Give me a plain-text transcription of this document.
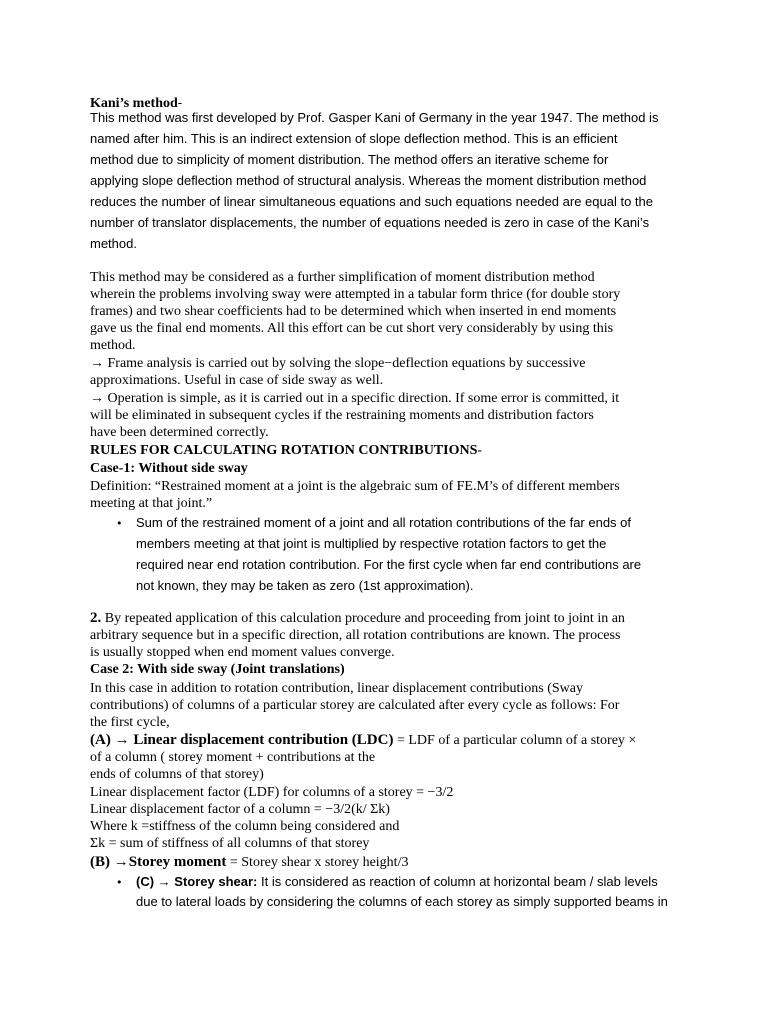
Kani’s method-
This method was first developed by Prof. Gasper Kani of Germany in the year 1947. The method is
named after him. This is an indirect extension of slope deflection method. This is an efficient
method due to simplicity of moment distribution. The method offers an iterative scheme for
applying slope deflection method of structural analysis. Whereas the moment distribution method
reduces the number of linear simultaneous equations and such equations needed are equal to the
number of translator displacements, the number of equations needed is zero in case of the Kani’s
method.
This method may be considered as a further simplification of moment distribution method
wherein the problems involving sway were attempted in a tabular form thrice (for double story
frames) and two shear coefficients had to be determined which when inserted in end moments
gave us the final end moments. All this effort can be cut short very considerably by using this
method.
→ Frame analysis is carried out by solving the slope−deflection equations by successive
approximations. Useful in case of side sway as well.
→ Operation is simple, as it is carried out in a specific direction. If some error is committed, it
will be eliminated in subsequent cycles if the restraining moments and distribution factors
have been determined correctly.
RULES FOR CALCULATING ROTATION CONTRIBUTIONS-
Case-1: Without side sway
Definition: “Restrained moment at a joint is the algebraic sum of FE.M’s of different members
meeting at that joint.”
• Sum of the restrained moment of a joint and all rotation contributions of the far ends of
members meeting at that joint is multiplied by respective rotation factors to get the
required near end rotation contribution. For the first cycle when far end contributions are
not known, they may be taken as zero (1st approximation).
2. By repeated application of this calculation procedure and proceeding from joint to joint in an
arbitrary sequence but in a specific direction, all rotation contributions are known. The process
is usually stopped when end moment values converge.
Case 2: With side sway (Joint translations)
In this case in addition to rotation contribution, linear displacement contributions (Sway
contributions) of columns of a particular storey are calculated after every cycle as follows: For
the first cycle,
(A) → Linear displacement contribution (LDC) = LDF of a particular column of a storey ×
of a column ( storey moment + contributions at the
ends of columns of that storey)
Linear displacement factor (LDF) for columns of a storey = −3/2
Linear displacement factor of a column = −3/2(k/ Σk)
Where k =stiffness of the column being considered and
Σk = sum of stiffness of all columns of that storey
(B) →Storey moment = Storey shear x storey height/3
• (C) → Storey shear: It is considered as reaction of column at horizontal beam / slab levels
due to lateral loads by considering the columns of each storey as simply supported beams in
